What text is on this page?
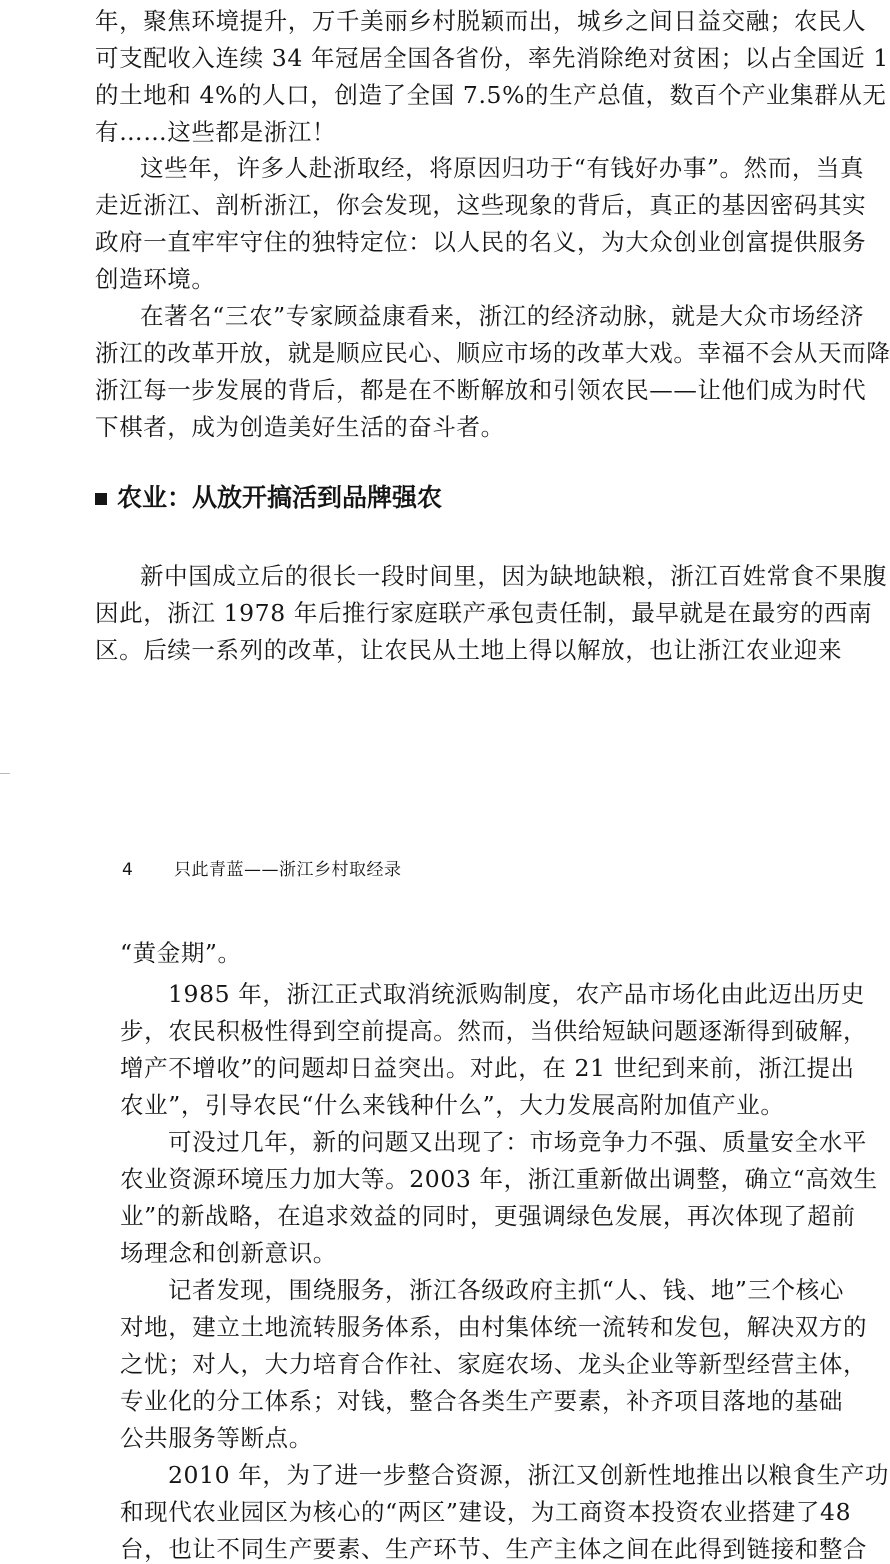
年，聚焦环境提升，万千美丽乡村脱颖而出，城乡之间日益交融；农民人
可支配收入连续 34 年冠居全国各省份，率先消除绝对贫困；以占全国近 1
的土地和 4%的人口，创造了全国 7.5%的生产总值，数百个产业集群从无
有……这些都是浙江！
这些年，许多人赴浙取经，将原因归功于“有钱好办事”。然而，当真
走近浙江、剖析浙江，你会发现，这些现象的背后，真正的基因密码其实
政府一直牢牢守住的独特定位：以人民的名义，为大众创业创富提供服务
创造环境。
在著名“三农”专家顾益康看来，浙江的经济动脉，就是大众市场经济
浙江的改革开放，就是顺应民心、顺应市场的改革大戏。幸福不会从天而降
浙江每一步发展的背后，都是在不断解放和引领农民——让他们成为时代
下棋者，成为创造美好生活的奋斗者。
农业：从放开搞活到品牌强农
新中国成立后的很长一段时间里，因为缺地缺粮，浙江百姓常食不果腹
因此，浙江 1978 年后推行家庭联产承包责任制，最早就是在最穷的西南
区。后续一系列的改革，让农民从土地上得以解放，也让浙江农业迎来
4 只此青蓝——浙江乡村取经录
“黄金期”。
1985 年，浙江正式取消统派购制度，农产品市场化由此迈出历史
步，农民积极性得到空前提高。然而，当供给短缺问题逐渐得到破解，
增产不增收”的问题却日益突出。对此，在 21 世纪到来前，浙江提出
农业”，引导农民“什么来钱种什么”，大力发展高附加值产业。
可没过几年，新的问题又出现了：市场竞争力不强、质量安全水平
农业资源环境压力加大等。2003 年，浙江重新做出调整，确立“高效生
业”的新战略，在追求效益的同时，更强调绿色发展，再次体现了超前
场理念和创新意识。
记者发现，围绕服务，浙江各级政府主抓“人、钱、地”三个核心
对地，建立土地流转服务体系，由村集体统一流转和发包，解决双方的
之忧；对人，大力培育合作社、家庭农场、龙头企业等新型经营主体，
专业化的分工体系；对钱，整合各类生产要素，补齐项目落地的基础
公共服务等断点。
2010 年，为了进一步整合资源，浙江又创新性地推出以粮食生产功
和现代农业园区为核心的“两区”建设，为工商资本投资农业搭建了48
台，也让不同生产要素、生产环节、生产主体之间在此得到链接和整合
